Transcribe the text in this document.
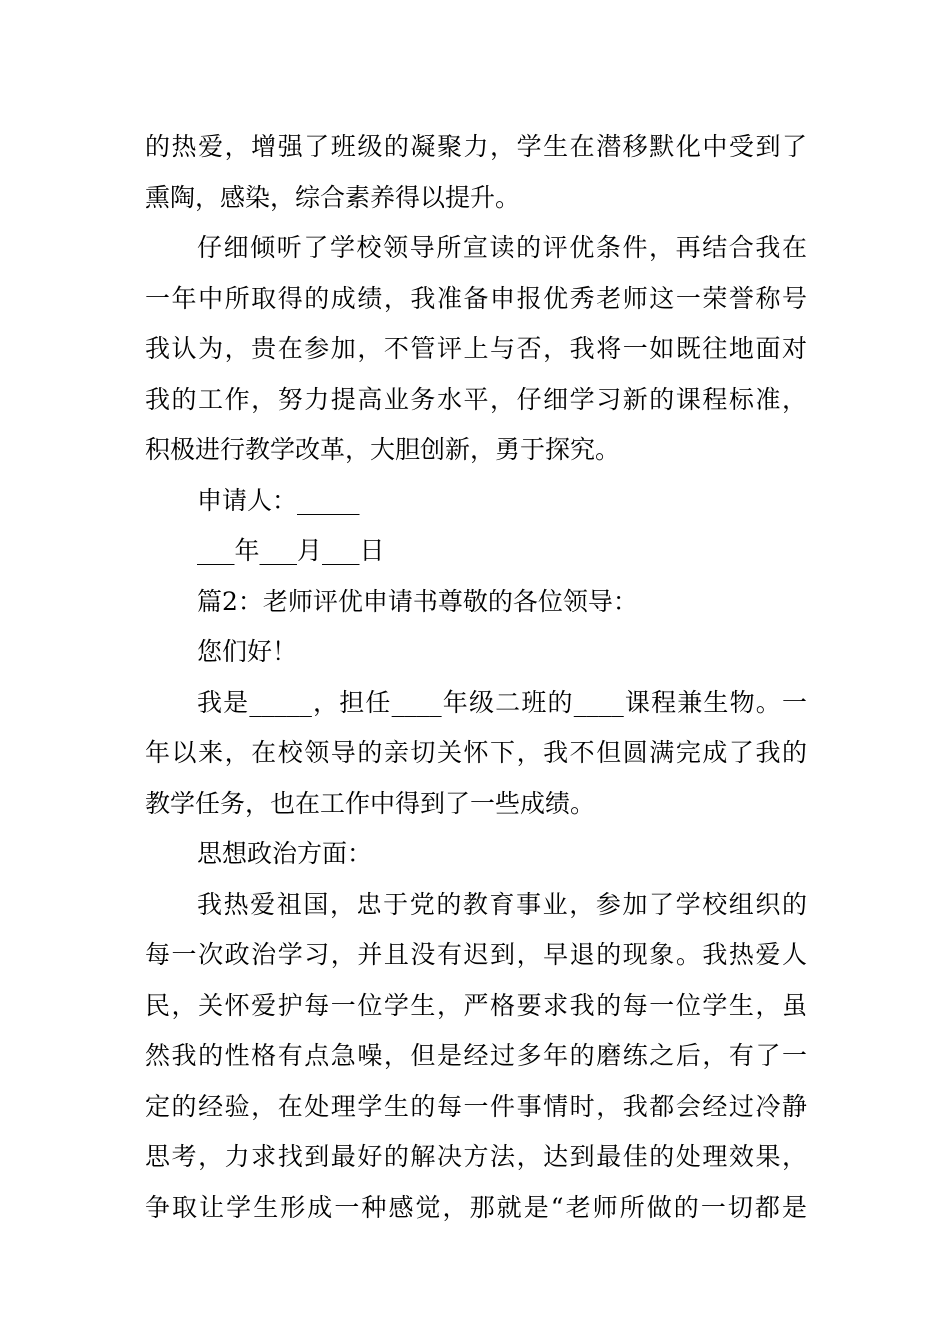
的热爱，增强了班级的凝聚力，学生在潜移默化中受到了
熏陶，感染，综合素养得以提升。
仔细倾听了学校领导所宣读的评优条件，再结合我在
一年中所取得的成绩，我准备申报优秀老师这一荣誉称号
我认为，贵在参加，不管评上与否，我将一如既往地面对
我的工作，努力提高业务水平，仔细学习新的课程标准，
积极进行教学改革，大胆创新，勇于探究。
申请人：_____
___年___月___日
篇2：老师评优申请书尊敬的各位领导：
您们好！
我是_____，担任____年级二班的____课程兼生物。一
年以来，在校领导的亲切关怀下，我不但圆满完成了我的
教学任务，也在工作中得到了一些成绩。
思想政治方面：
我热爱祖国，忠于党的教育事业，参加了学校组织的
每一次政治学习，并且没有迟到，早退的现象。我热爱人
民，关怀爱护每一位学生，严格要求我的每一位学生，虽
然我的性格有点急噪，但是经过多年的磨练之后，有了一
定的经验，在处理学生的每一件事情时，我都会经过冷静
思考，力求找到最好的解决方法，达到最佳的处理效果，
争取让学生形成一种感觉，那就是“老师所做的一切都是
